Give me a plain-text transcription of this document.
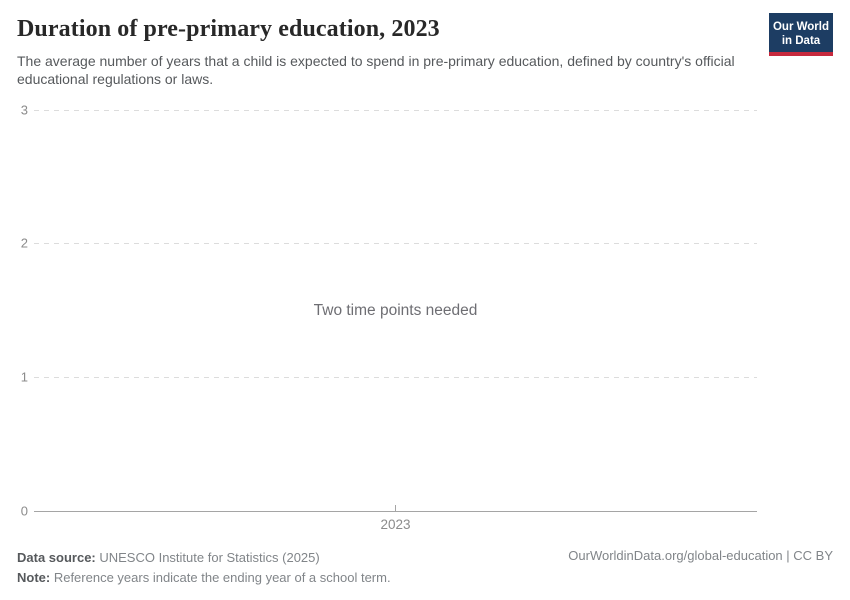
Duration of pre-primary education, 2023

The average number of years that a child is expected to spend in pre-primary education, defined by country's official educational regulations or laws.

Our World
in Data
3
2
1
0
Two time points needed
2023
Data source: UNESCO Institute for Statistics (2025)
Note: Reference years indicate the ending year of a school term.
OurWorldinData.org/global-education | CC BY
